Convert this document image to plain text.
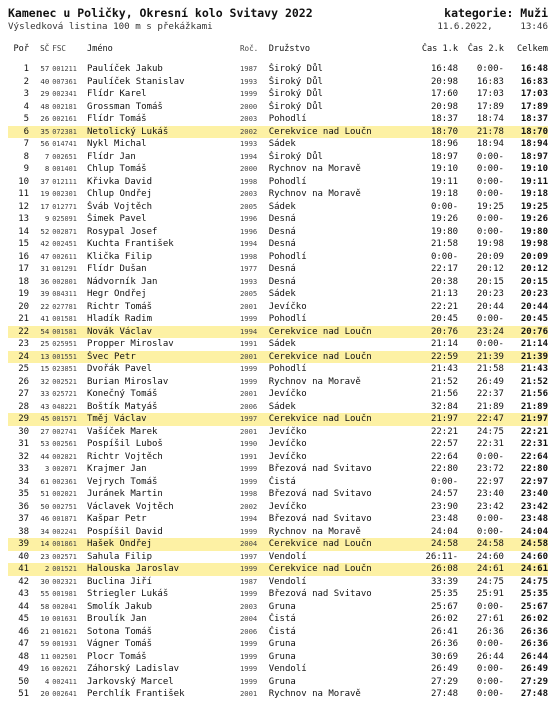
Kamenec u Poličky, Okresní kolo Svitavy 2022	kategorie: Muži
Výsledková listina 100 m s překážkami	11.6.2022,	13:46
Poř	SČ FSC	Jméno	Roč.	Družstvo	Čas 1.k	Čas 2.k	Celkem
1	57 001211	Paulíček Jakub	1987	Široký Důl	16:48	0:00-	16:48
2	40 007361	Paulíček Stanislav	1993	Široký Důl	20:98	16:83	16:83
3	29 002341	Flídr Karel	1999	Široký Důl	17:60	17:03	17:03
4	48 002181	Grossman Tomáš	2000	Široký Důl	20:98	17:89	17:89
5	26 002161	Flídr Tomáš	2003	Pohodlí	18:37	18:74	18:37
6	35 072381	Netolický Lukáš	2002	Cerekvice nad Loučn	18:70	21:78	18:70
7	56 014741	Nykl Michal	1993	Sádek	18:96	18:94	18:94
8	7 002651	Flídr Jan	1994	Široký Důl	18:97	0:00-	18:97
9	8 001401	Chlup Tomáš	2000	Rychnov na Moravě	19:10	0:00-	19:10
10	37 012111	Křivka David	1998	Pohodlí	19:11	0:00-	19:11
11	19 002301	Chlup Ondřej	2003	Rychnov na Moravě	19:18	0:00-	19:18
12	17 012771	Šváb Vojtěch	2005	Sádek	0:00-	19:25	19:25
13	9 025091	Šimek Pavel	1996	Desná	19:26	0:00-	19:26
14	52 002871	Rosypal Josef	1996	Desná	19:80	0:00-	19:80
15	42 002451	Kuchta František	1994	Desná	21:58	19:98	19:98
16	47 002611	Klička Filip	1998	Pohodlí	0:00-	20:09	20:09
17	31 001291	Flídr Dušan	1977	Desná	22:17	20:12	20:12
18	36 002801	Nádvorník Jan	1993	Desná	20:38	20:15	20:15
19	39 084311	Hegr Ondřej	2005	Sádek	21:13	20:23	20:23
20	22 027781	Richtr Tomáš	2001	Jevíčko	22:21	20:44	20:44
21	41 001581	Hladík Radim	1999	Pohodlí	20:45	0:00-	20:45
22	54 001581	Novák Václav	1994	Cerekvice nad Loučn	20:76	23:24	20:76
23	25 025951	Propper Miroslav	1991	Sádek	21:14	0:00-	21:14
24	13 001551	Švec Petr	2001	Cerekvice nad Loučn	22:59	21:39	21:39
25	15 023851	Dvořák Pavel	1999	Pohodlí	21:43	21:58	21:43
26	32 002521	Burian Miroslav	1999	Rychnov na Moravě	21:52	26:49	21:52
27	33 025721	Konečný Tomáš	2001	Jevíčko	21:56	22:37	21:56
28	43 048221	Boštík Matyáš	2006	Sádek	32:84	21:89	21:89
29	45 001571	Tměj Václav	1997	Cerekvice nad Loučn	21:97	22:47	21:97
30	27 002741	Vašíček Marek	2001	Jevíčko	22:21	24:75	22:21
31	53 002561	Pospíšil Luboš	1990	Jevíčko	22:57	22:31	22:31
32	44 002821	Richtr Vojtěch	1991	Jevíčko	22:64	0:00-	22:64
33	3 002071	Krajmer Jan	1999	Březová nad Svitavo	22:80	23:72	22:80
34	61 002361	Vejrych Tomáš	1999	Čistá	0:00-	22:97	22:97
35	51 002021	Juránek Martin	1998	Březová nad Svitavo	24:57	23:40	23:40
36	50 002751	Václavek Vojtěch	2002	Jevíčko	23:90	23:42	23:42
37	46 001871	Kašpar Petr	1994	Březová nad Svitavo	23:48	0:00-	23:48
38	34 002241	Pospíšil David	1999	Rychnov na Moravě	24:04	0:00-	24:04
39	14 001861	Hašek Ondřej	2004	Cerekvice nad Loučn	24:58	24:58	24:58
40	23 002571	Sahula Filip	1997	Vendolí	26:11-	24:60	24:60
41	2 001521	Halouska Jaroslav	1999	Cerekvice nad Loučn	26:08	24:61	24:61
42	30 002321	Buclina Jiří	1987	Vendolí	33:39	24:75	24:75
43	55 001981	Striegler Lukáš	1999	Březová nad Svitavo	25:35	25:91	25:35
44	58 002041	Smolík Jakub	2003	Gruna	25:67	0:00-	25:67
45	10 001631	Broulík Jan	2004	Čistá	26:02	27:61	26:02
46	21 001621	Sotona Tomáš	2006	Čistá	26:41	26:36	26:36
47	59 001931	Vágner Tomáš	1999	Gruna	26:36	0:00-	26:36
48	11 002501	Plocr Tomáš	1999	Gruna	30:69	26:44	26:44
49	16 002621	Záhorský Ladislav	1999	Vendolí	26:49	0:00-	26:49
50	4 002411	Jarkovský Marcel	1999	Gruna	27:29	0:00-	27:29
51	20 002641	Perchlík František	2001	Rychnov na Moravě	27:48	0:00-	27:48
